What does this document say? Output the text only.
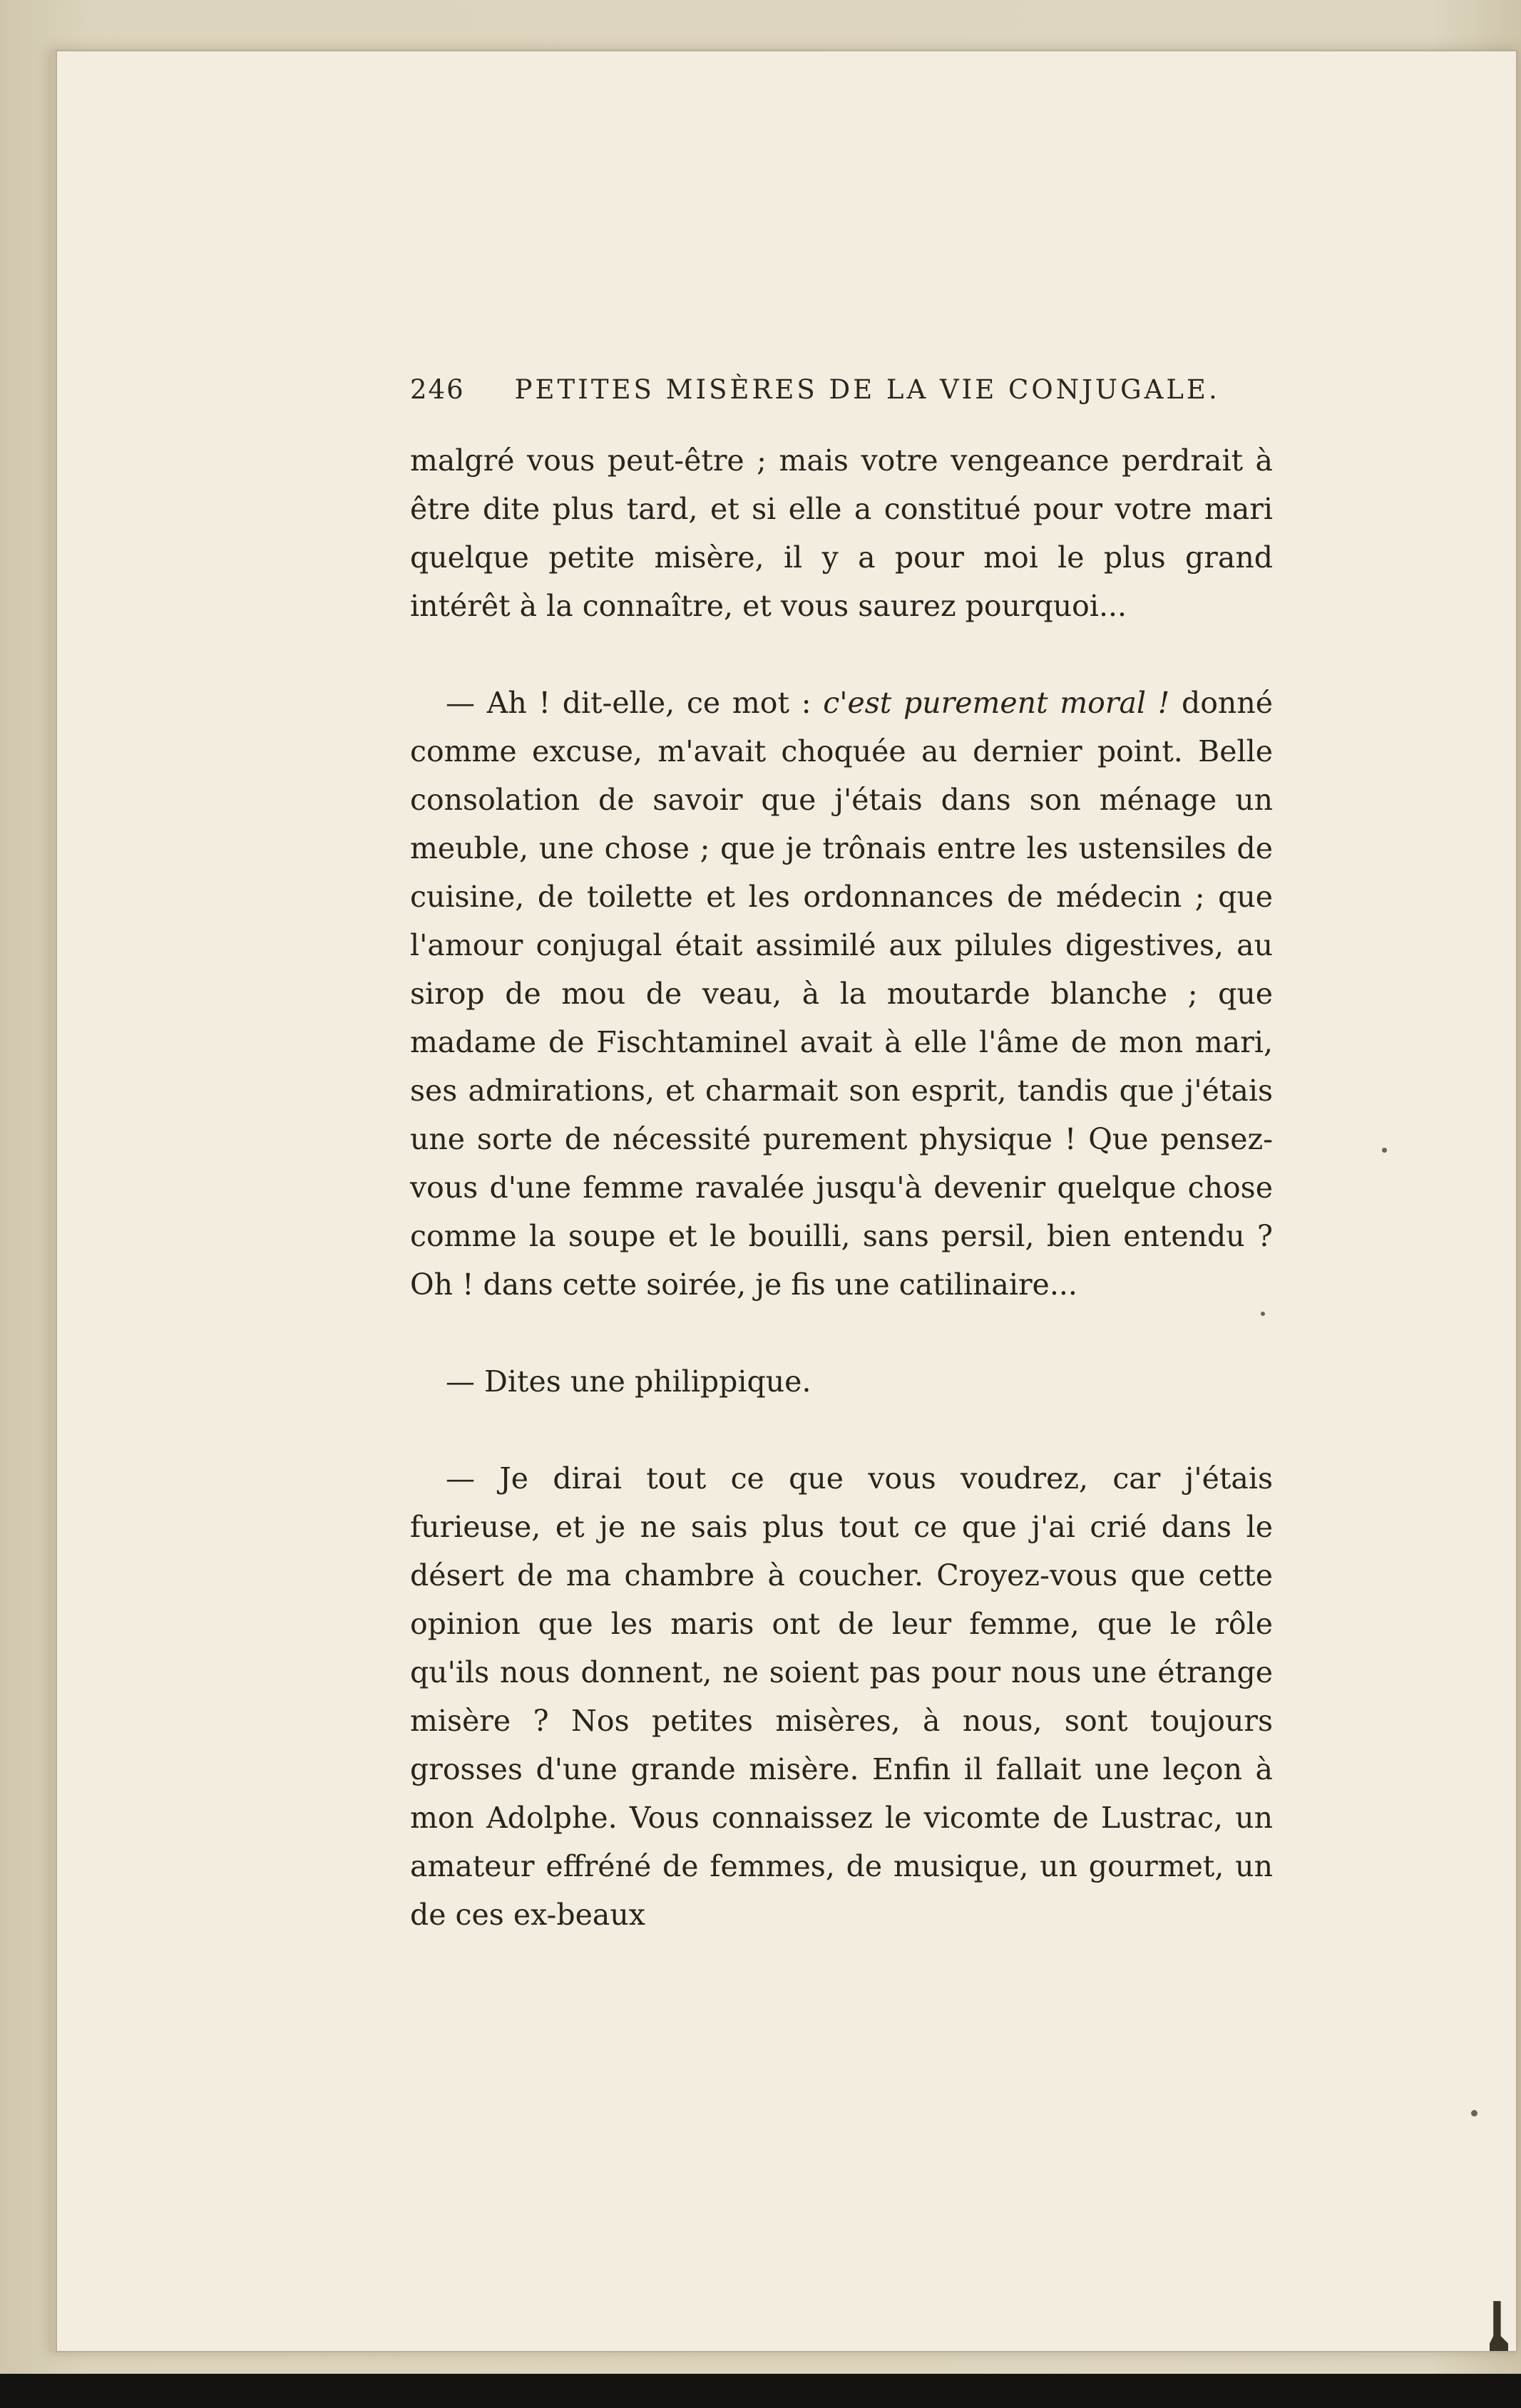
246 PETITES MISÈRES DE LA VIE CONJUGALE.

malgré vous peut-être ; mais votre vengeance perdrait à être dite plus tard, et si elle a constitué pour votre mari quelque petite misère, il y a pour moi le plus grand intérêt à la connaître, et vous saurez pourquoi...

— Ah ! dit-elle, ce mot : c'est purement moral ! donné comme excuse, m'avait choquée au dernier point. Belle consolation de savoir que j'étais dans son ménage un meuble, une chose ; que je trônais entre les ustensiles de cuisine, de toilette et les ordonnances de médecin ; que l'amour conjugal était assimilé aux pilules digestives, au sirop de mou de veau, à la moutarde blanche ; que madame de Fischtaminel avait à elle l'âme de mon mari, ses admirations, et charmait son esprit, tandis que j'étais une sorte de nécessité purement physique ! Que pensez-vous d'une femme ravalée jusqu'à devenir quelque chose comme la soupe et le bouilli, sans persil, bien entendu ? Oh ! dans cette soirée, je fis une catilinaire...

— Dites une philippique.

— Je dirai tout ce que vous voudrez, car j'étais furieuse, et je ne sais plus tout ce que j'ai crié dans le désert de ma chambre à coucher. Croyez-vous que cette opinion que les maris ont de leur femme, que le rôle qu'ils nous donnent, ne soient pas pour nous une étrange misère ? Nos petites misères, à nous, sont toujours grosses d'une grande misère. Enfin il fallait une leçon à mon Adolphe. Vous connaissez le vicomte de Lustrac, un amateur effréné de femmes, de musique, un gourmet, un de ces ex-beaux
